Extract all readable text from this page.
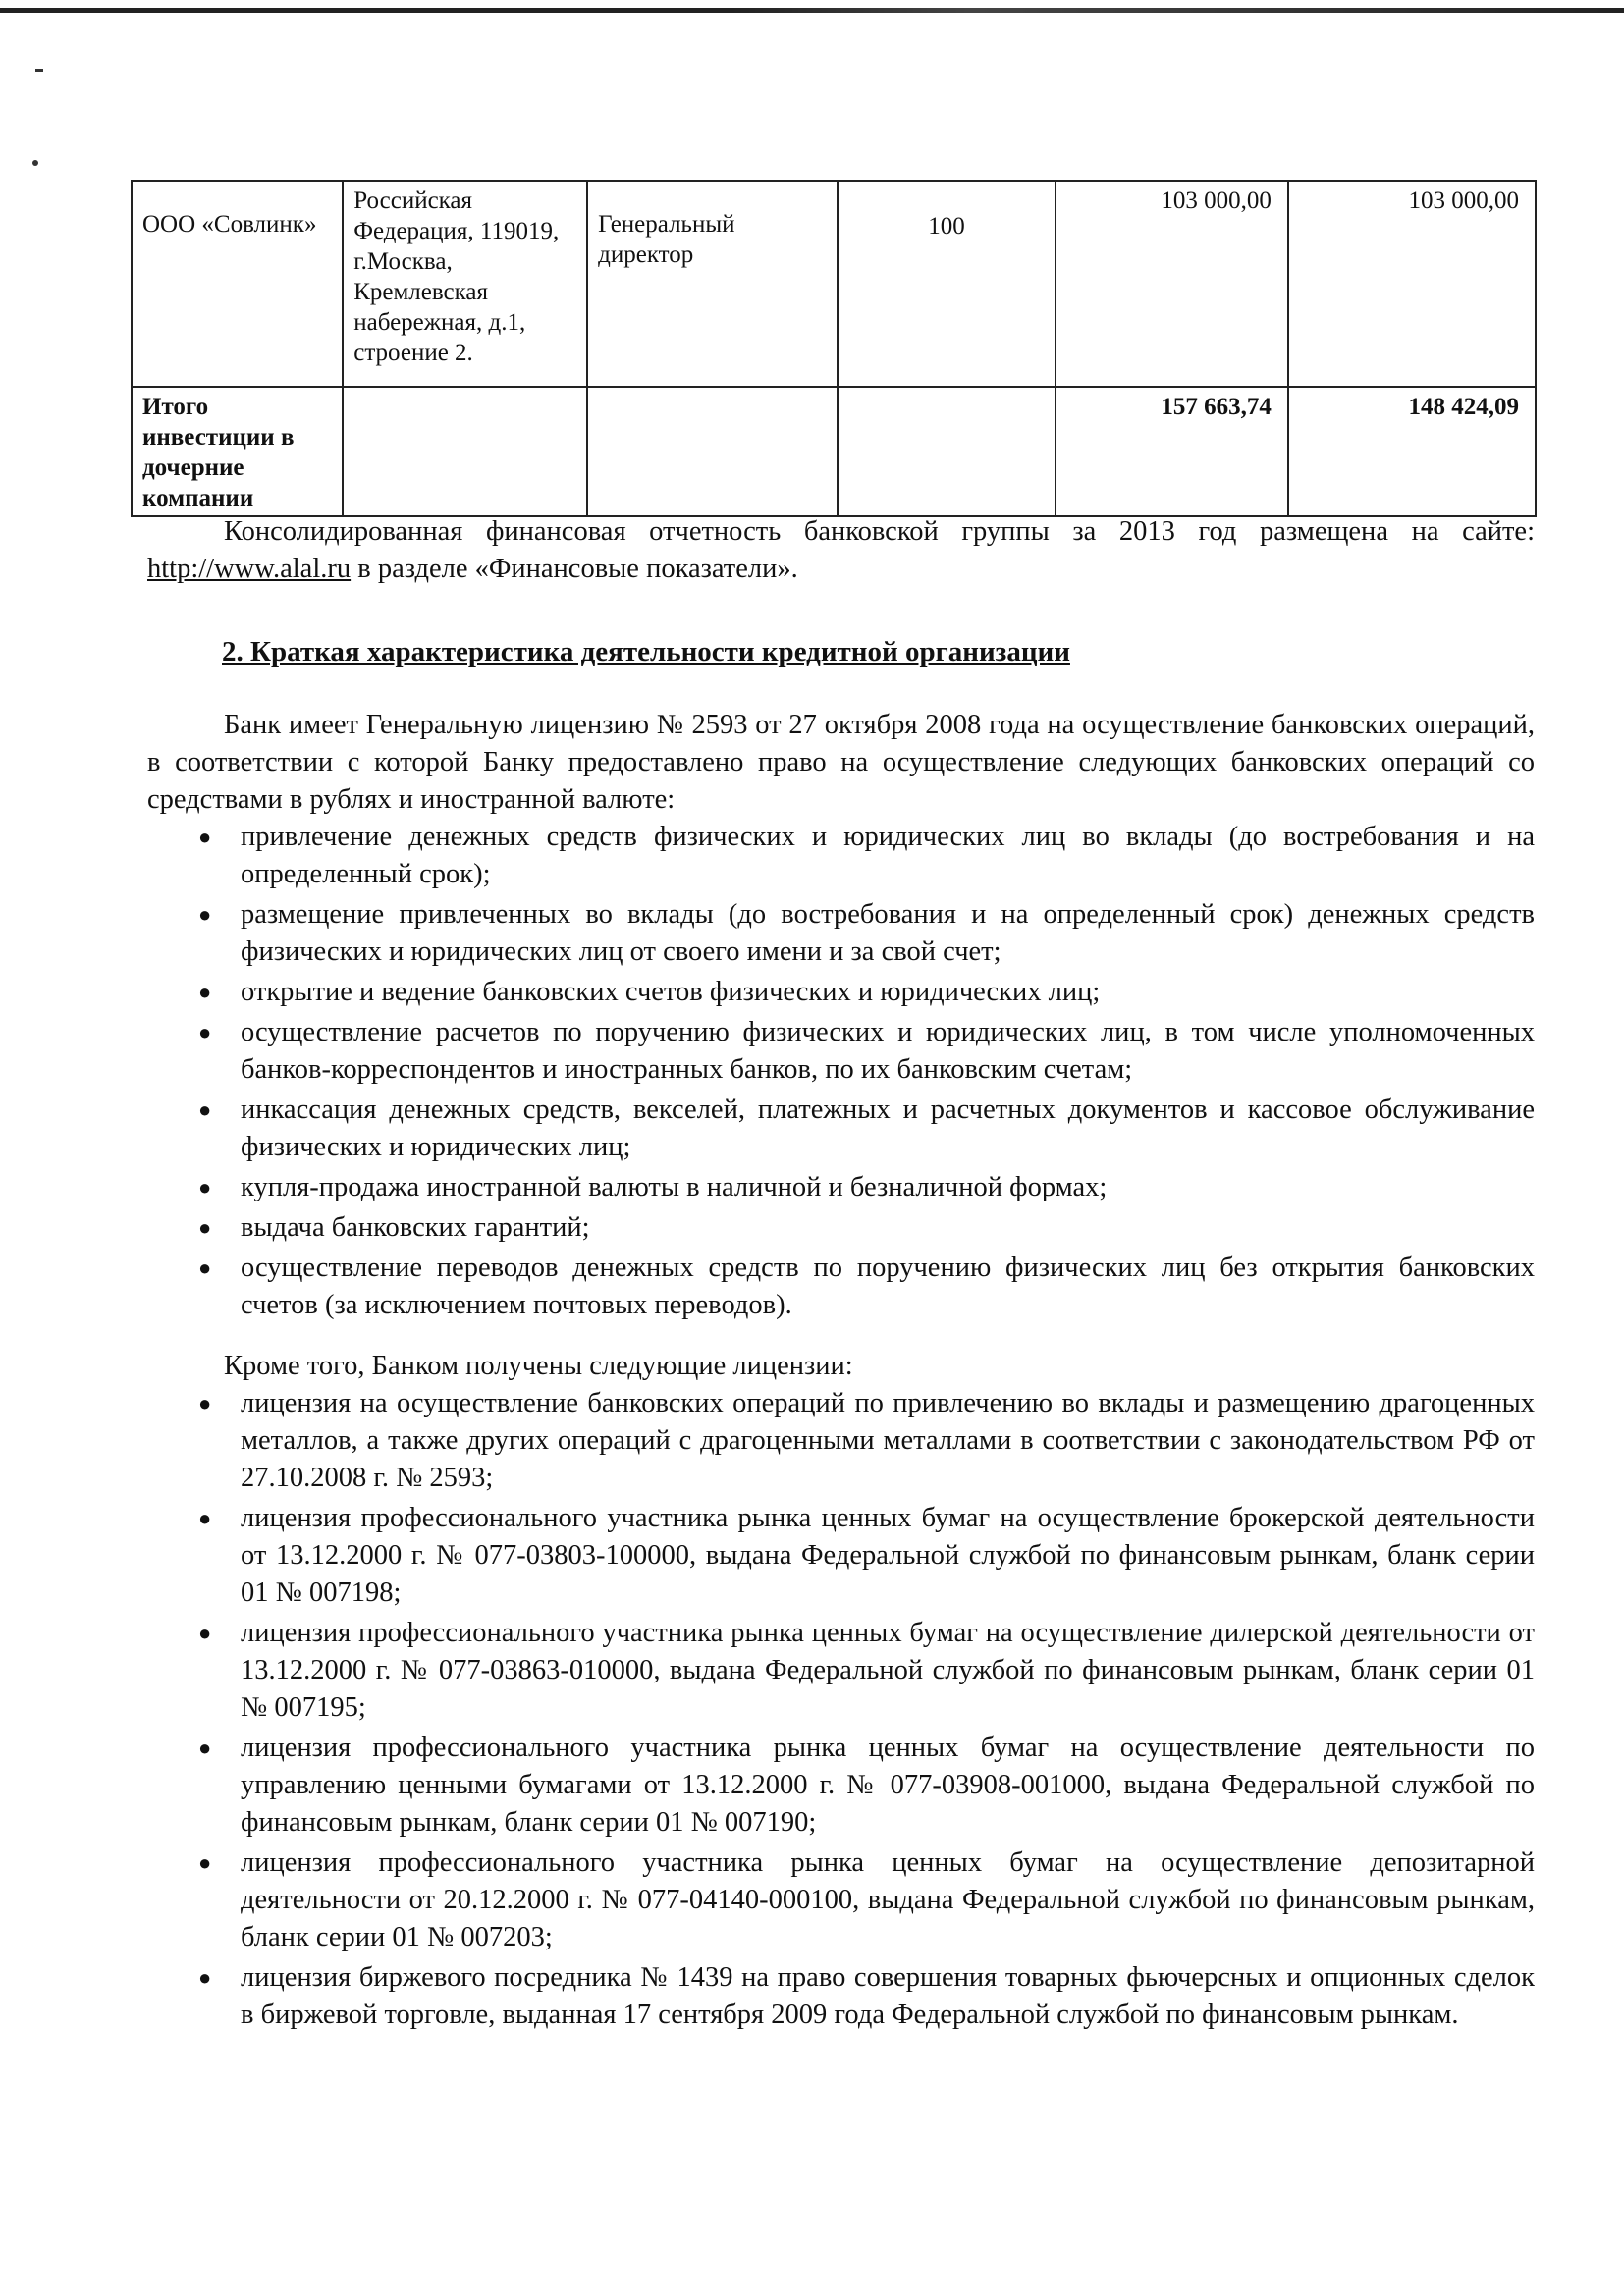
ООО «Совлинк»	Российская Федерация, 119019, г.Москва, Кремлевская набережная, д.1, строение 2.	Генеральный директор	100	103 000,00	103 000,00
Итого инвестиции в дочерние компании				157 663,74	148 424,09

Консолидированная финансовая отчетность банковской группы за 2013 год размещена на сайте: http://www.alal.ru в разделе «Финансовые показатели».

2. Краткая характеристика деятельности кредитной организации

Банк имеет Генеральную лицензию № 2593 от 27 октября 2008 года на осуществление банковских операций, в соответствии с которой Банку предоставлено право на осуществление следующих банковских операций со средствами в рублях и иностранной валюте:

● привлечение денежных средств физических и юридических лиц во вклады (до востребования и на определенный срок);
● размещение привлеченных во вклады (до востребования и на определенный срок) денежных средств физических и юридических лиц от своего имени и за свой счет;
● открытие и ведение банковских счетов физических и юридических лиц;
● осуществление расчетов по поручению физических и юридических лиц, в том числе уполномоченных банков-корреспондентов и иностранных банков, по их банковским счетам;
● инкассация денежных средств, векселей, платежных и расчетных документов и кассовое обслуживание физических и юридических лиц;
● купля-продажа иностранной валюты в наличной и безналичной формах;
● выдача банковских гарантий;
● осуществление переводов денежных средств по поручению физических лиц без открытия банковских счетов (за исключением почтовых переводов).

Кроме того, Банком получены следующие лицензии:

● лицензия на осуществление банковских операций по привлечению во вклады и размещению драгоценных металлов, а также других операций с драгоценными металлами в соответствии с законодательством РФ от 27.10.2008 г. № 2593;
● лицензия профессионального участника рынка ценных бумаг на осуществление брокерской деятельности от 13.12.2000 г. № 077-03803-100000, выдана Федеральной службой по финансовым рынкам, бланк серии 01 № 007198;
● лицензия профессионального участника рынка ценных бумаг на осуществление дилерской деятельности от 13.12.2000 г. № 077-03863-010000, выдана Федеральной службой по финансовым рынкам, бланк серии 01 № 007195;
● лицензия профессионального участника рынка ценных бумаг на осуществление деятельности по управлению ценными бумагами от 13.12.2000 г. № 077-03908-001000, выдана Федеральной службой по финансовым рынкам, бланк серии 01 № 007190;
● лицензия профессионального участника рынка ценных бумаг на осуществление депозитарной деятельности от 20.12.2000 г. № 077-04140-000100, выдана Федеральной службой по финансовым рынкам, бланк серии 01 № 007203;
● лицензия биржевого посредника № 1439 на право совершения товарных фьючерсных и опционных сделок в биржевой торговле, выданная 17 сентября 2009 года Федеральной службой по финансовым рынкам.
